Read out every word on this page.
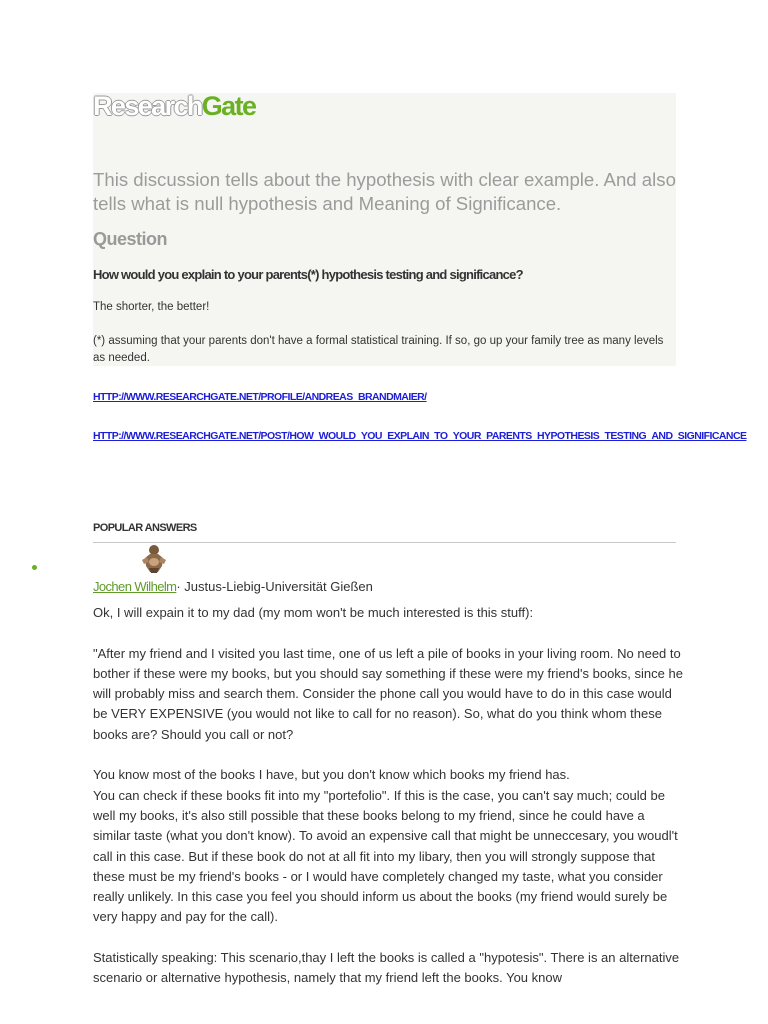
ResearchGate
This discussion tells about the hypothesis with clear example. And also tells what is null hypothesis and Meaning of Significance.
Question
How would you explain to your parents(*) hypothesis testing and significance?
The shorter, the better!
(*) assuming that your parents don't have a formal statistical training. If so, go up your family tree as many levels as needed.
HTTP://WWW.RESEARCHGATE.NET/PROFILE/ANDREAS_BRANDMAIER/
HTTP://WWW.RESEARCHGATE.NET/POST/HOW_WOULD_YOU_EXPLAIN_TO_YOUR_PARENTS_HYPOTHESIS_TESTING_AND_SIGNIFICANCE
POPULAR ANSWERS
Jochen Wilhelm· Justus-Liebig-Universität Gießen

Ok, I will expain it to my dad (my mom won't be much interested is this stuff):

"After my friend and I visited you last time, one of us left a pile of books in your living room. No need to bother if these were my books, but you should say something if these were my friend's books, since he will probably miss and search them. Consider the phone call you would have to do in this case would be VERY EXPENSIVE (you would not like to call for no reason). So, what do you think whom these books are? Should you call or not?

You know most of the books I have, but you don't know which books my friend has.
You can check if these books fit into my "portefolio". If this is the case, you can't say much; could be well my books, it's also still possible that these books belong to my friend, since he could have a similar taste (what you don't know). To avoid an expensive call that might be unneccesary, you woudl't call in this case. But if these book do not at all fit into my libary, then you will strongly suppose that these must be my friend's books - or I would have completely changed my taste, what you consider really unlikely. In this case you feel you should inform us about the books (my friend would surely be very happy and pay for the call).

Statistically speaking: This scenario,thay I left the books is called a "hypotesis". There is an alternative scenario or alternative hypothesis, namely that my friend left the books. You know
